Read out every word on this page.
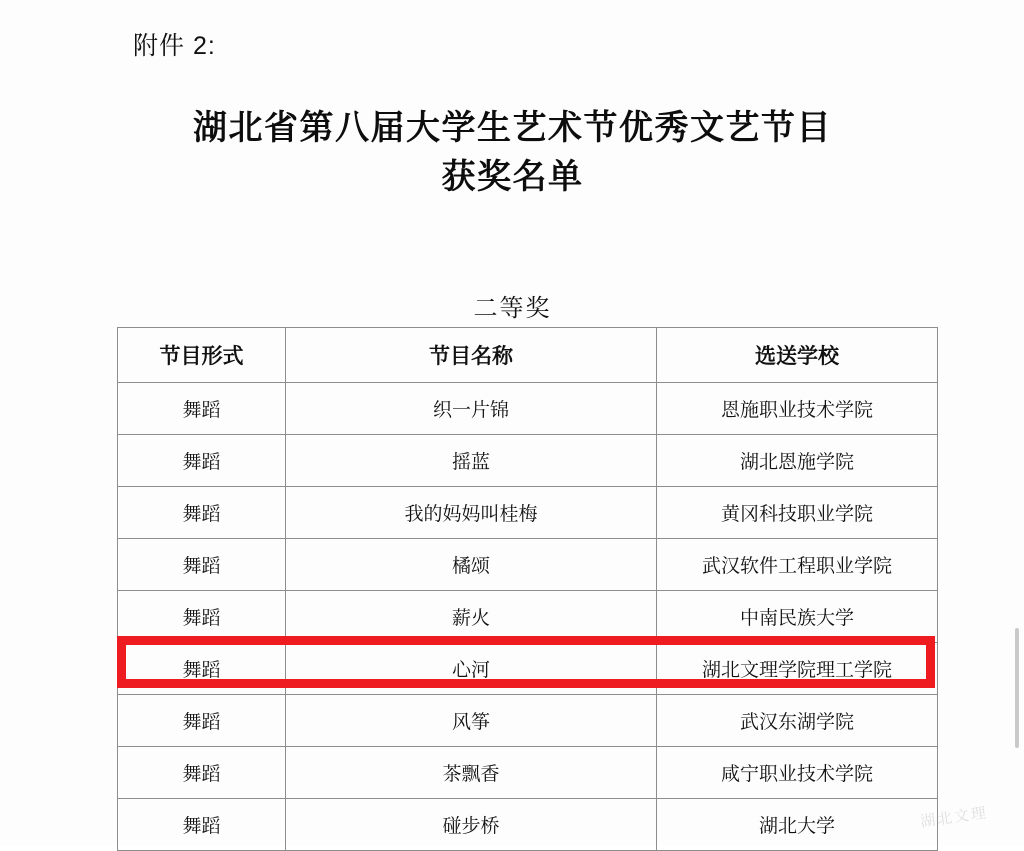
附件 2:
湖北省第八届大学生艺术节优秀文艺节目
获奖名单
二等奖
节目形式	节目名称	选送学校
舞蹈	织一片锦	恩施职业技术学院
舞蹈	摇蓝	湖北恩施学院
舞蹈	我的妈妈叫桂梅	黄冈科技职业学院
舞蹈	橘颂	武汉软件工程职业学院
舞蹈	薪火	中南民族大学
舞蹈	心河	湖北文理学院理工学院
舞蹈	风筝	武汉东湖学院
舞蹈	茶飘香	咸宁职业技术学院
舞蹈	碰步桥	湖北大学	湖北文理
